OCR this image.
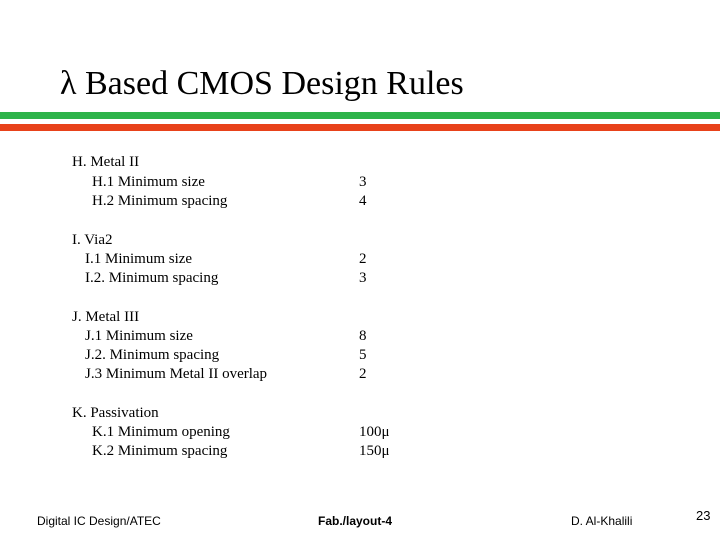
λ Based CMOS Design Rules
H. Metal II
H.1 Minimum size	3
H.2 Minimum spacing	4
I. Via2
I.1 Minimum size	2
I.2. Minimum spacing	3
J. Metal III
J.1 Minimum size	8
J.2. Minimum spacing	5
J.3 Minimum Metal II overlap	2
K. Passivation
K.1 Minimum opening	100μ
K.2 Minimum spacing	150μ
Digital IC Design/ATEC	Fab./layout-4	D. Al-Khalili	23
